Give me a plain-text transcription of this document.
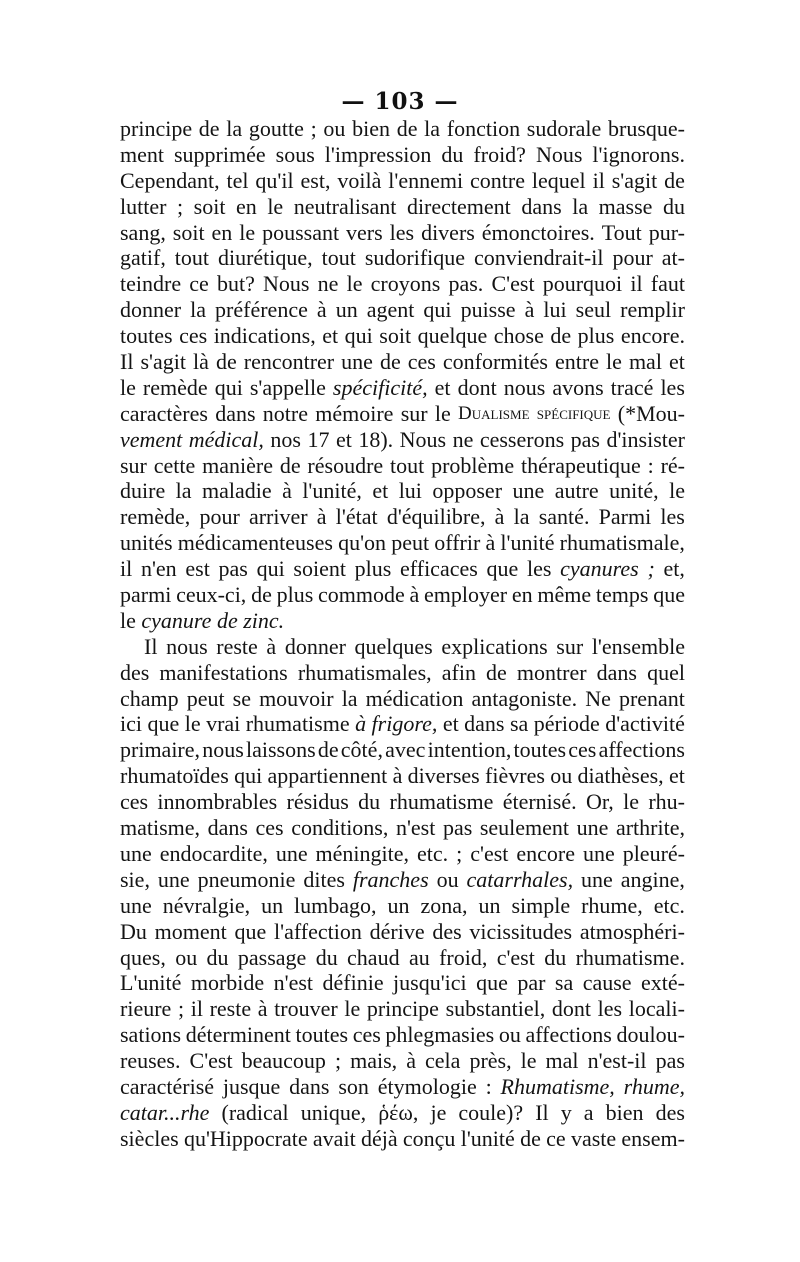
— 103 —
principe de la goutte ; ou bien de la fonction sudorale brusque-
ment supprimée sous l'impression du froid? Nous l'ignorons.
Cependant, tel qu'il est, voilà l'ennemi contre lequel il s'agit de
lutter ; soit en le neutralisant directement dans la masse du
sang, soit en le poussant vers les divers émonctoires. Tout pur-
gatif, tout diurétique, tout sudorifique conviendrait-il pour at-
teindre ce but? Nous ne le croyons pas. C'est pourquoi il faut
donner la préférence à un agent qui puisse à lui seul remplir
toutes ces indications, et qui soit quelque chose de plus encore.
Il s'agit là de rencontrer une de ces conformités entre le mal et
le remède qui s'appelle spécificité, et dont nous avons tracé les
caractères dans notre mémoire sur le Dualisme spécifique (*Mou-
vement médical, nos 17 et 18). Nous ne cesserons pas d'insister
sur cette manière de résoudre tout problème thérapeutique : ré-
duire la maladie à l'unité, et lui opposer une autre unité, le
remède, pour arriver à l'état d'équilibre, à la santé. Parmi les
unités médicamenteuses qu'on peut offrir à l'unité rhumatismale,
il n'en est pas qui soient plus efficaces que les cyanures ; et,
parmi ceux-ci, de plus commode à employer en même temps que
le cyanure de zinc.
Il nous reste à donner quelques explications sur l'ensemble
des manifestations rhumatismales, afin de montrer dans quel
champ peut se mouvoir la médication antagoniste. Ne prenant
ici que le vrai rhumatisme à frigore, et dans sa période d'activité
primaire, nous laissons de côté, avec intention, toutes ces affections
rhumatoïdes qui appartiennent à diverses fièvres ou diathèses, et
ces innombrables résidus du rhumatisme éternisé. Or, le rhu-
matisme, dans ces conditions, n'est pas seulement une arthrite,
une endocardite, une méningite, etc. ; c'est encore une pleuré-
sie, une pneumonie dites franches ou catarrhales, une angine,
une névralgie, un lumbago, un zona, un simple rhume, etc.
Du moment que l'affection dérive des vicissitudes atmosphéri-
ques, ou du passage du chaud au froid, c'est du rhumatisme.
L'unité morbide n'est définie jusqu'ici que par sa cause exté-
rieure ; il reste à trouver le principe substantiel, dont les locali-
sations déterminent toutes ces phlegmasies ou affections doulou-
reuses. C'est beaucoup ; mais, à cela près, le mal n'est-il pas
caractérisé jusque dans son étymologie : Rhumatisme, rhume,
catar...rhe (radical unique, ῥέω, je coule)? Il y a bien des
siècles qu'Hippocrate avait déjà conçu l'unité de ce vaste ensem-
